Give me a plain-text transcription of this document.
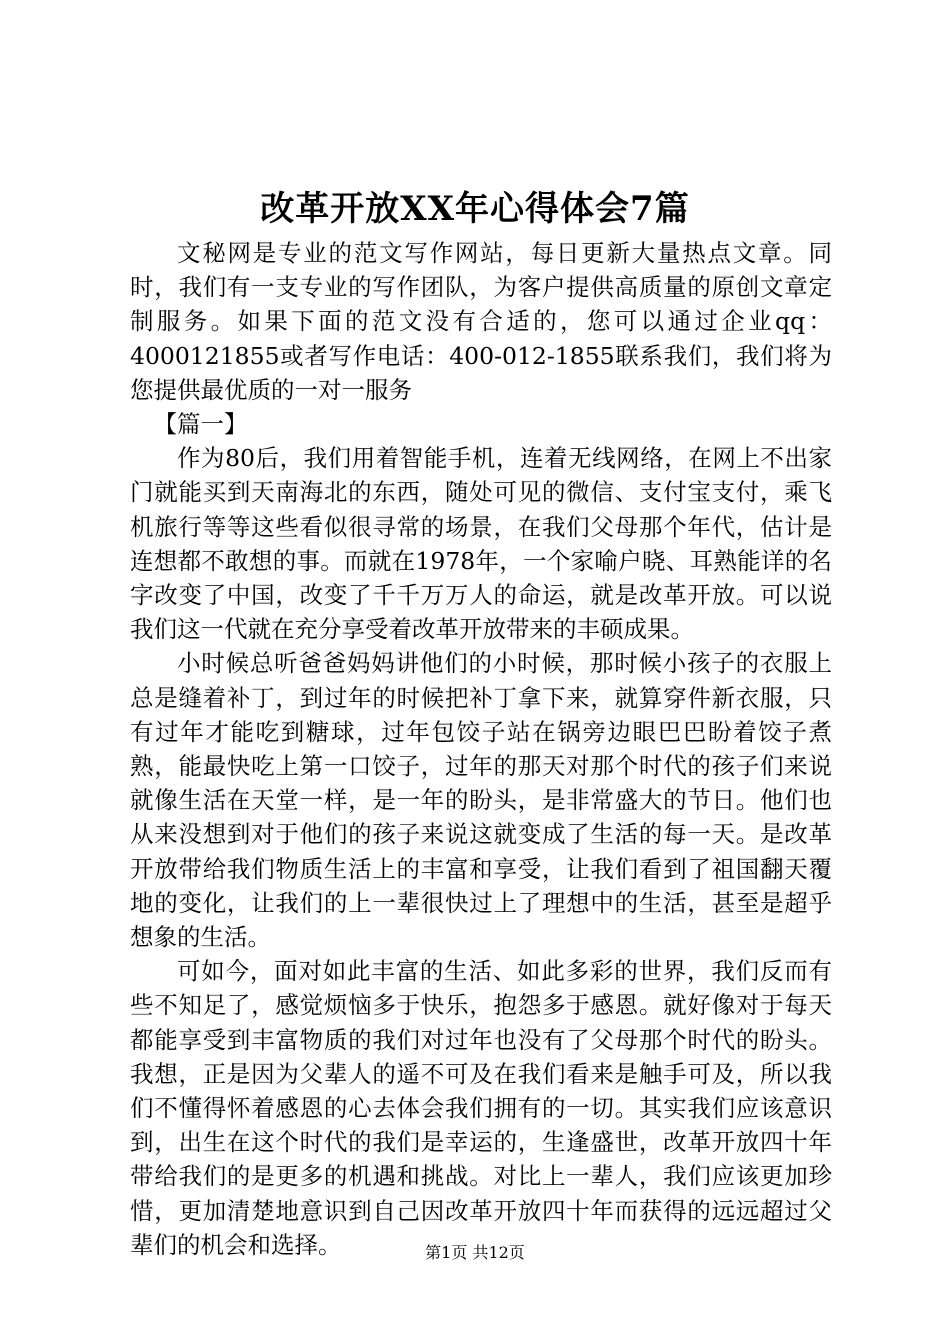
改革开放XX年心得体会7篇

文秘网是专业的范文写作网站，每日更新大量热点文章。同时，我们有一支专业的写作团队，为客户提供高质量的原创文章定制服务。如果下面的范文没有合适的，您可以通过企业qq：4000121855或者写作电话：400-012-1855联系我们，我们将为您提供最优质的一对一服务

【篇一】

作为80后，我们用着智能手机，连着无线网络，在网上不出家门就能买到天南海北的东西，随处可见的微信、支付宝支付，乘飞机旅行等等这些看似很寻常的场景，在我们父母那个年代，估计是连想都不敢想的事。而就在1978年，一个家喻户晓、耳熟能详的名字改变了中国，改变了千千万万人的命运，就是改革开放。可以说我们这一代就在充分享受着改革开放带来的丰硕成果。

小时候总听爸爸妈妈讲他们的小时候，那时候小孩子的衣服上总是缝着补丁，到过年的时候把补丁拿下来，就算穿件新衣服，只有过年才能吃到糖球，过年包饺子站在锅旁边眼巴巴盼着饺子煮熟，能最快吃上第一口饺子，过年的那天对那个时代的孩子们来说就像生活在天堂一样，是一年的盼头，是非常盛大的节日。他们也从来没想到对于他们的孩子来说这就变成了生活的每一天。是改革开放带给我们物质生活上的丰富和享受，让我们看到了祖国翻天覆地的变化，让我们的上一辈很快过上了理想中的生活，甚至是超乎想象的生活。

可如今，面对如此丰富的生活、如此多彩的世界，我们反而有些不知足了，感觉烦恼多于快乐，抱怨多于感恩。就好像对于每天都能享受到丰富物质的我们对过年也没有了父母那个时代的盼头。我想，正是因为父辈人的遥不可及在我们看来是触手可及，所以我们不懂得怀着感恩的心去体会我们拥有的一切。其实我们应该意识到，出生在这个时代的我们是幸运的，生逢盛世，改革开放四十年带给我们的是更多的机遇和挑战。对比上一辈人，我们应该更加珍惜，更加清楚地意识到自己因改革开放四十年而获得的远远超过父辈们的机会和选择。	第1页 共12页
